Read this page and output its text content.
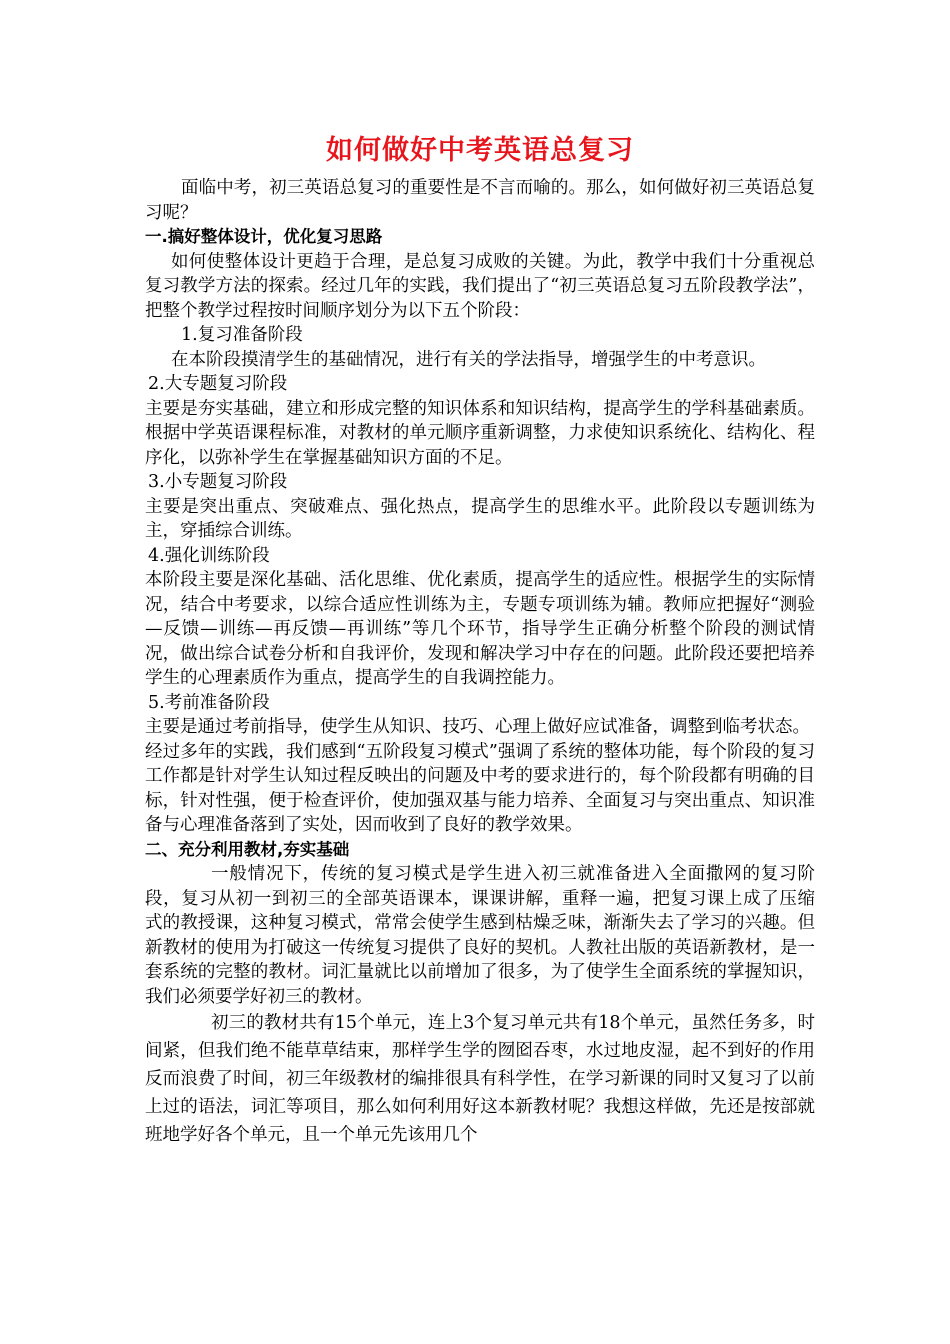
如何做好中考英语总复习

面临中考，初三英语总复习的重要性是不言而喻的。那么，如何做好初三英语总复习呢？

一.搞好整体设计，优化复习思路

如何使整体设计更趋于合理，是总复习成败的关键。为此，教学中我们十分重视总复习教学方法的探索。经过几年的实践，我们提出了“初三英语总复习五阶段教学法”，把整个教学过程按时间顺序划分为以下五个阶段：

1.复习准备阶段

在本阶段摸清学生的基础情况，进行有关的学法指导，增强学生的中考意识。

2.大专题复习阶段

主要是夯实基础，建立和形成完整的知识体系和知识结构，提高学生的学科基础素质。根据中学英语课程标准，对教材的单元顺序重新调整，力求使知识系统化、结构化、程序化，以弥补学生在掌握基础知识方面的不足。

3.小专题复习阶段

主要是突出重点、突破难点、强化热点，提高学生的思维水平。此阶段以专题训练为主，穿插综合训练。

4.强化训练阶段

本阶段主要是深化基础、活化思维、优化素质，提高学生的适应性。根据学生的实际情况，结合中考要求，以综合适应性训练为主，专题专项训练为辅。教师应把握好“测验—反馈—训练—再反馈—再训练”等几个环节，指导学生正确分析整个阶段的测试情况，做出综合试卷分析和自我评价，发现和解决学习中存在的问题。此阶段还要把培养学生的心理素质作为重点，提高学生的自我调控能力。

5.考前准备阶段

主要是通过考前指导，使学生从知识、技巧、心理上做好应试准备，调整到临考状态。

经过多年的实践，我们感到“五阶段复习模式”强调了系统的整体功能，每个阶段的复习工作都是针对学生认知过程反映出的问题及中考的要求进行的，每个阶段都有明确的目标，针对性强，便于检查评价，使加强双基与能力培养、全面复习与突出重点、知识准备与心理准备落到了实处，因而收到了良好的教学效果。

二、充分利用教材,夯实基础

一般情况下，传统的复习模式是学生进入初三就准备进入全面撒网的复习阶段，复习从初一到初三的全部英语课本，课课讲解，重释一遍，把复习课上成了压缩 式的教授课，这种复习模式，常常会使学生感到枯燥乏味，渐渐失去了学习的兴趣。但新教材的使用为打破这一传统复习提供了良好的契机。人教社出版的英语新教材，是一套系统的完整的教材。词汇量就比以前增加了很多，为了使学生全面系统的掌握知识，我们必须要学好初三的教材。

初三的教材共有15个单元，连上3个复习单元共有18个单元，虽然任务多，时间紧，但我们绝不能草草结束，那样学生学的囫囵吞枣，水过地皮湿，起不到好的作用反而浪费了时间，初三年级教材的编排很具有科学性，在学习新课的同时又复习了以前上过的语法，词汇等项目，那么如何利用好这本新教材呢？我想这样做，先还是按部就班地学好各个单元，且一个单元先该用几个
